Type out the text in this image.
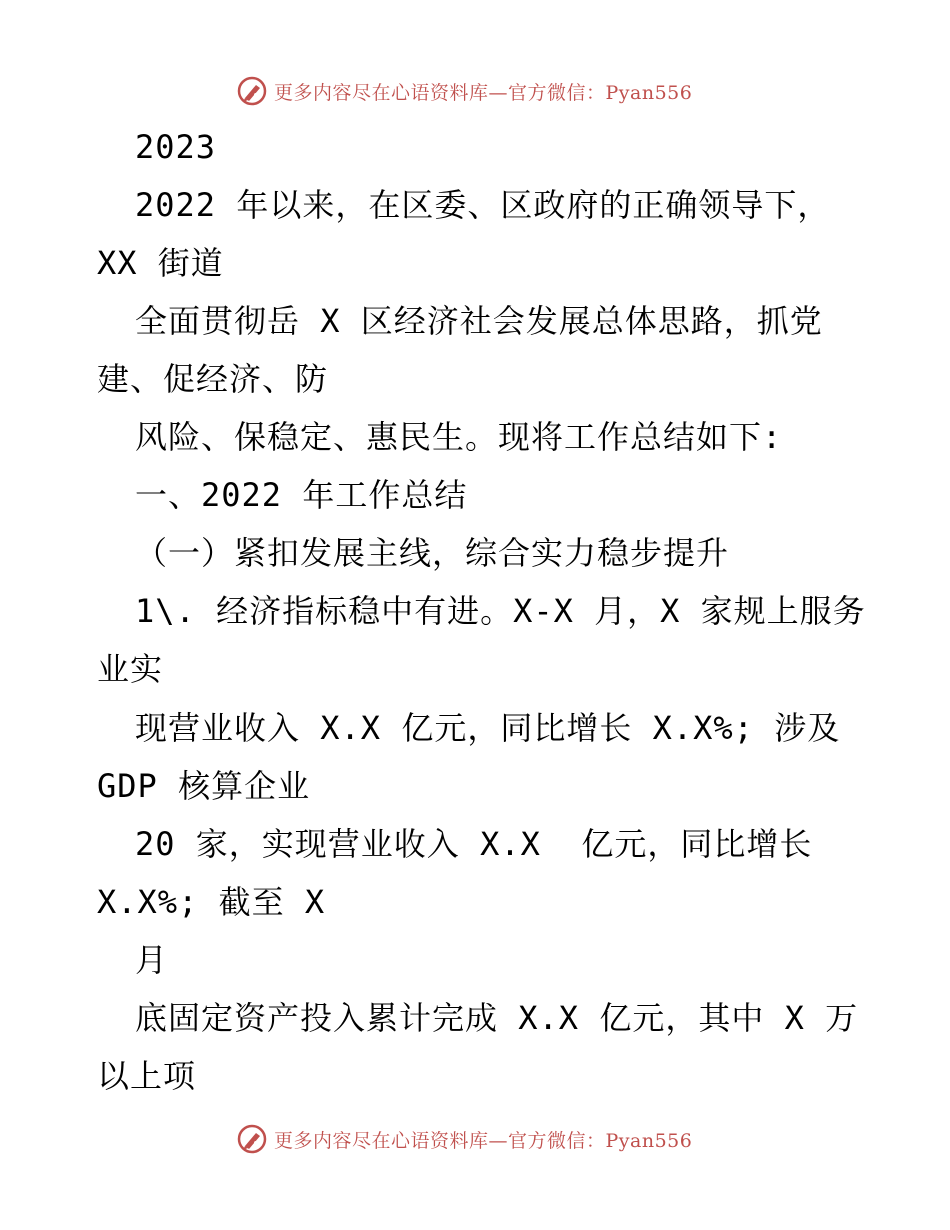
更多内容尽在心语资料库—官方微信：Pyan556
2023
2022 年以来，在区委、区政府的正确领导下，
XX 街道
全面贯彻岳 X 区经济社会发展总体思路，抓党
建、促经济、防
风险、保稳定、惠民生。现将工作总结如下:
一、2022 年工作总结
（一）紧扣发展主线，综合实力稳步提升
1\. 经济指标稳中有进。X-X 月，X 家规上服务
业实
现营业收入 X.X 亿元，同比增长 X.X%; 涉及
GDP 核算企业
20 家，实现营业收入 X.X  亿元，同比增长
X.X%; 截至 X
月
底固定资产投入累计完成 X.X 亿元，其中 X 万
以上项
更多内容尽在心语资料库—官方微信：Pyan556
